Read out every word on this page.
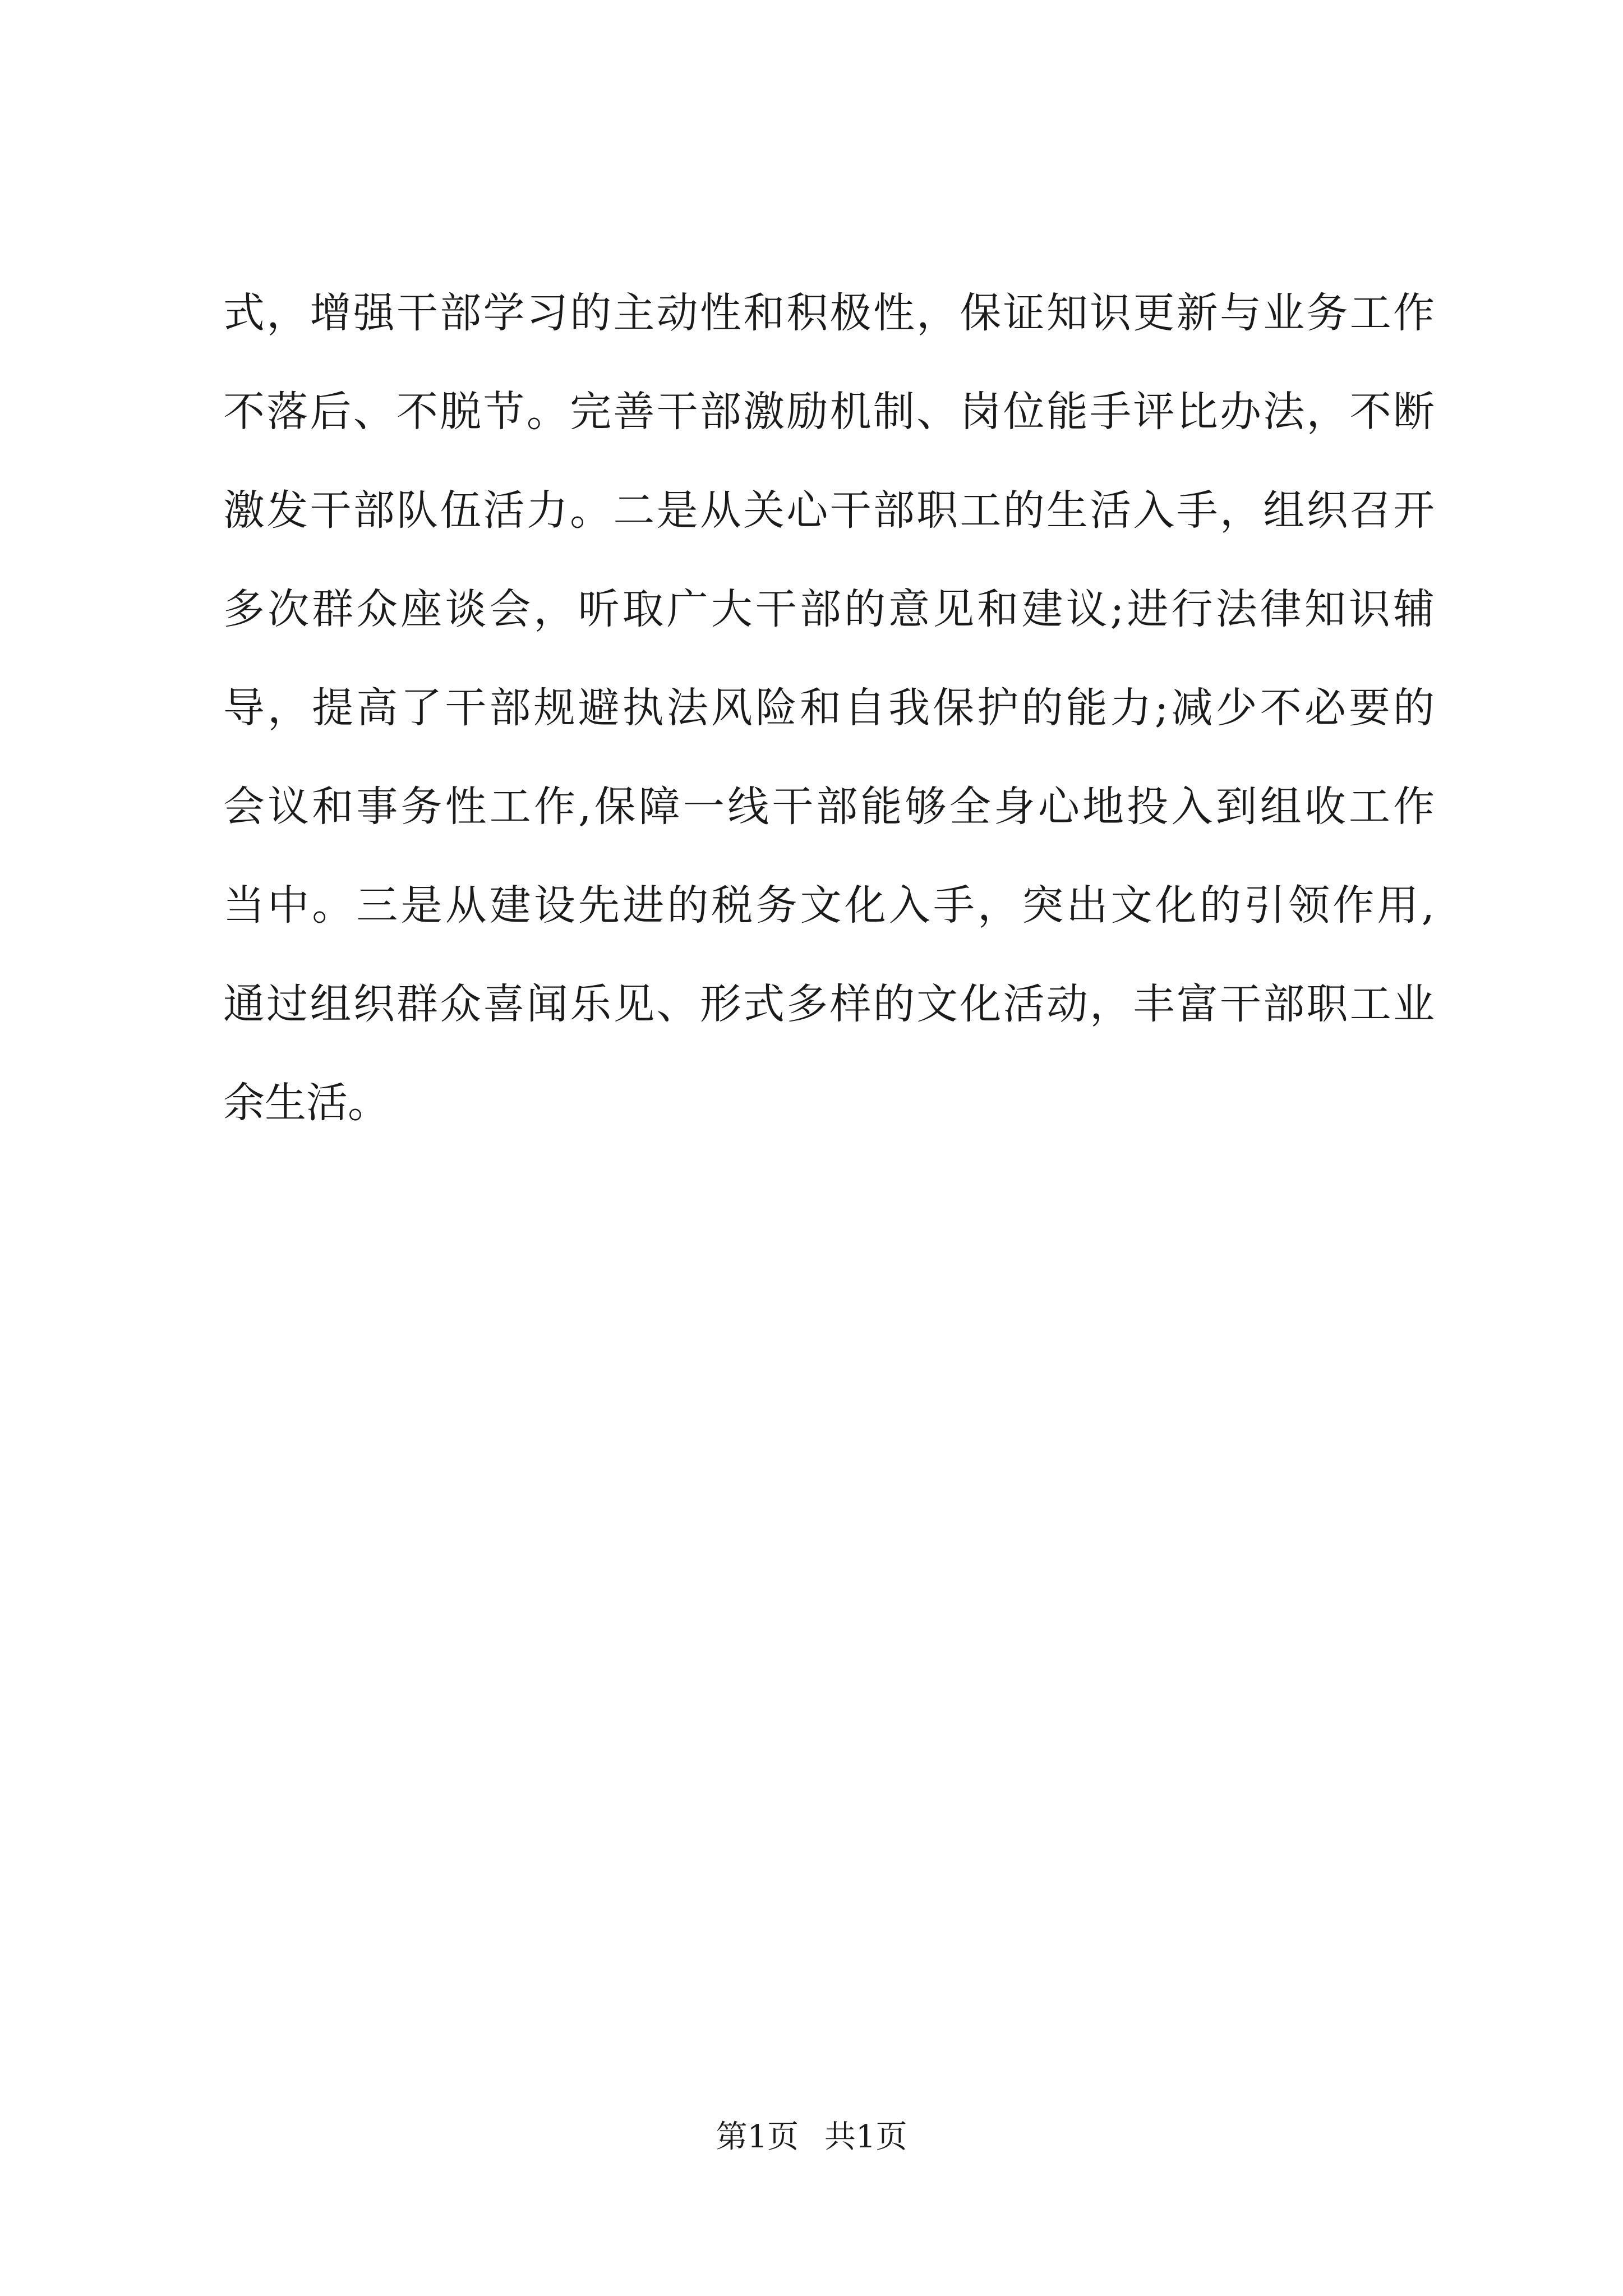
式，增强干部学习的主动性和积极性，保证知识更新与业务工作
不落后、不脱节。完善干部激励机制、岗位能手评比办法，不断
激发干部队伍活力。二是从关心干部职工的生活入手，组织召开
多次群众座谈会，听取广大干部的意见和建议;进行法律知识辅
导，提高了干部规避执法风险和自我保护的能力;减少不必要的
会议和事务性工作,保障一线干部能够全身心地投入到组收工作
当中。三是从建设先进的税务文化入手，突出文化的引领作用,
通过组织群众喜闻乐见、形式多样的文化活动，丰富干部职工业
余生活。
第1页 共1页
